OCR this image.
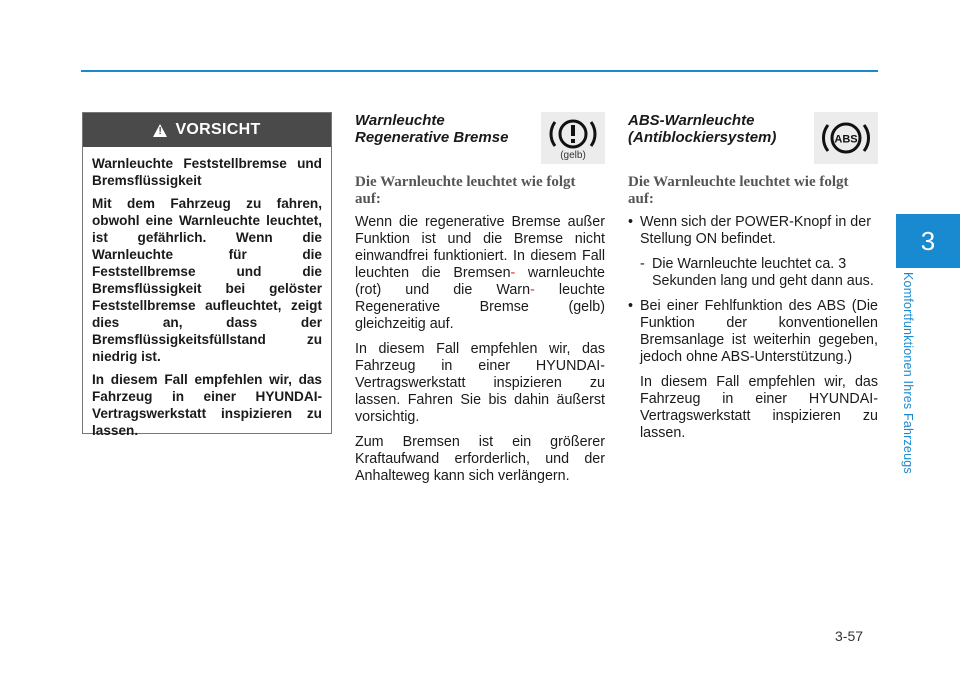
3
Komfortfunktionen Ihres Fahrzeugs
!
VORSICHT

Warnleuchte Feststellbremse und Bremsflüssigkeit

Mit dem Fahrzeug zu fahren, obwohl eine Warnleuchte leuchtet, ist gefährlich. Wenn die Warnleuchte für die Feststellbremse und die Bremsflüssigkeit bei gelöster Feststellbremse aufleuchtet, zeigt dies an, dass der Bremsflüssigkeitsfüllstand zu niedrig ist.

In diesem Fall empfehlen wir, das Fahrzeug in einer HYUNDAI-Vertragswerkstatt inspizieren zu lassen.

Warnleuchte
Regenerative Bremse
(gelb)
Die Warnleuchte leuchtet wie folgt auf:

Wenn die regenerative Bremse außer Funktion ist und die Bremse nicht einwandfrei funktioniert. In diesem Fall leuchten die Bremsen- warnleuchte (rot) und die Warn- leuchte Regenerative Bremse (gelb) gleichzeitig auf.

In diesem Fall empfehlen wir, das Fahrzeug in einer HYUNDAI-Vertragswerkstatt inspizieren zu lassen. Fahren Sie bis dahin äußerst vorsichtig.

Zum Bremsen ist ein größerer Kraftaufwand erforderlich, und der Anhalteweg kann sich verlängern.

ABS-Warnleuchte
(Antiblockiersystem)	ABS
Die Warnleuchte leuchtet wie folgt auf:
• Wenn sich der POWER-Knopf in der Stellung ON befindet.
- Die Warnleuchte leuchtet ca. 3 Sekunden lang und geht dann aus.
• Bei einer Fehlfunktion des ABS (Die Funktion der konventionellen Bremsanlage ist weiterhin gegeben, jedoch ohne ABS-Unterstützung.)
In diesem Fall empfehlen wir, das Fahrzeug in einer HYUNDAI-Vertragswerkstatt inspizieren zu lassen.
3-57
